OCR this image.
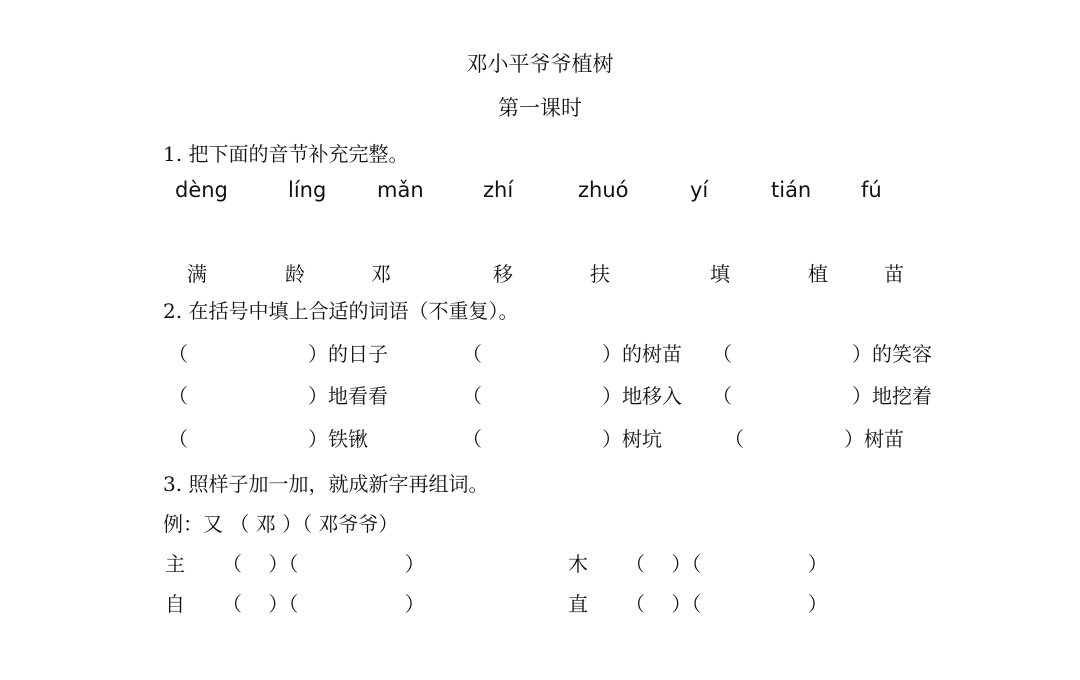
邓小平爷爷植树
第一课时
1. 把下面的音节补充完整。
dèng	líng mǎn	zhí	zhuó	yí	tián fú
满	龄	邓	移	扶	填	植	苗
2. 在括号中填上合适的词语（不重复）。
（　　　　　　）的日子	（　　　　　　）的树苗 （　　　　　　）的笑容
（　　　　　　）地看看	（　　　　　　）地移入 （　　　　　　）地挖着
（　　　　　　）铁锹	（　　　　　　）树坑	（　　　　　）树苗
3. 照样子加一加，就成新字再组词。
例：又 （ 邓 ）（ 邓爷爷）
主 （　 ）（　　　　　 ）	木 （　 ）（　　　　　 ）
自 （　 ）（　　　　　 ）	直 （　 ）（　　　　　 ）
